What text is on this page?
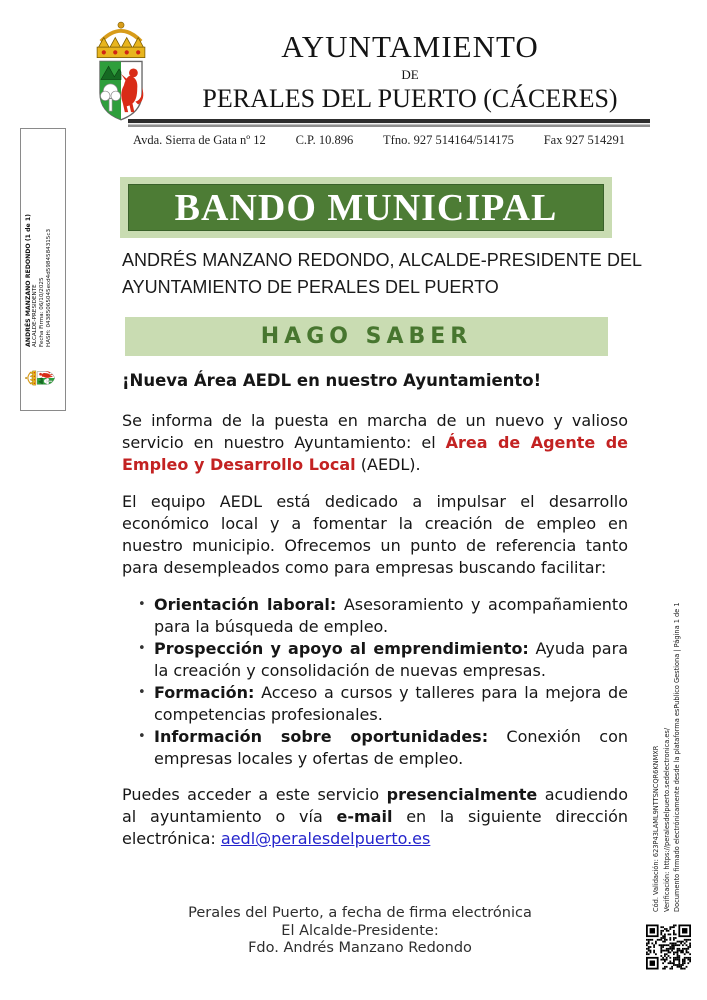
ANDRÉS MANZANO REDONDO (1 de 1) ALCALDE-PRESIDENTE Fecha Firma: 06/10/2025 HASH: 04385065045ecd4d5984584315c3
AYUNTAMIENTO
DE
PERALES DEL PUERTO (CÁCERES)
Avda. Sierra de Gata nº 12 C.P. 10.896 Tfno. 927 514164/514175 Fax 927 514291
BANDO MUNICIPAL
ANDRÉS MANZANO REDONDO, ALCALDE-PRESIDENTE DEL AYUNTAMIENTO DE PERALES DEL PUERTO
HAGO SABER

¡Nueva Área AEDL en nuestro Ayuntamiento!

Se informa de la puesta en marcha de un nuevo y valioso servicio en nuestro Ayuntamiento: el Área de Agente de Empleo y Desarrollo Local (AEDL).

El equipo AEDL está dedicado a impulsar el desarrollo económico local y a fomentar la creación de empleo en nuestro municipio. Ofrecemos un punto de referencia tanto para desempleados como para empresas buscando facilitar:

• Orientación laboral: Asesoramiento y acompañamiento para la búsqueda de empleo.
• Prospección y apoyo al emprendimiento: Ayuda para la creación y consolidación de nuevas empresas.
• Formación: Acceso a cursos y talleres para la mejora de competencias profesionales.
• Información sobre oportunidades: Conexión con empresas locales y ofertas de empleo.

Puedes acceder a este servicio presencialmente acudiendo al ayuntamiento o vía e-mail en la siguiente dirección electrónica: aedl@peralesdelpuerto.es

Perales del Puerto, a fecha de firma electrónica
El Alcalde-Presidente:
Fdo. Andrés Manzano Redondo
Cód. Validación: 623P43LAML9NTTSNCQR6KNMXR Verificación: https://peralesdelpuerto.sedelectronica.es/ Documento firmado electrónicamente desde la plataforma esPublico Gestiona | Página 1 de 1
